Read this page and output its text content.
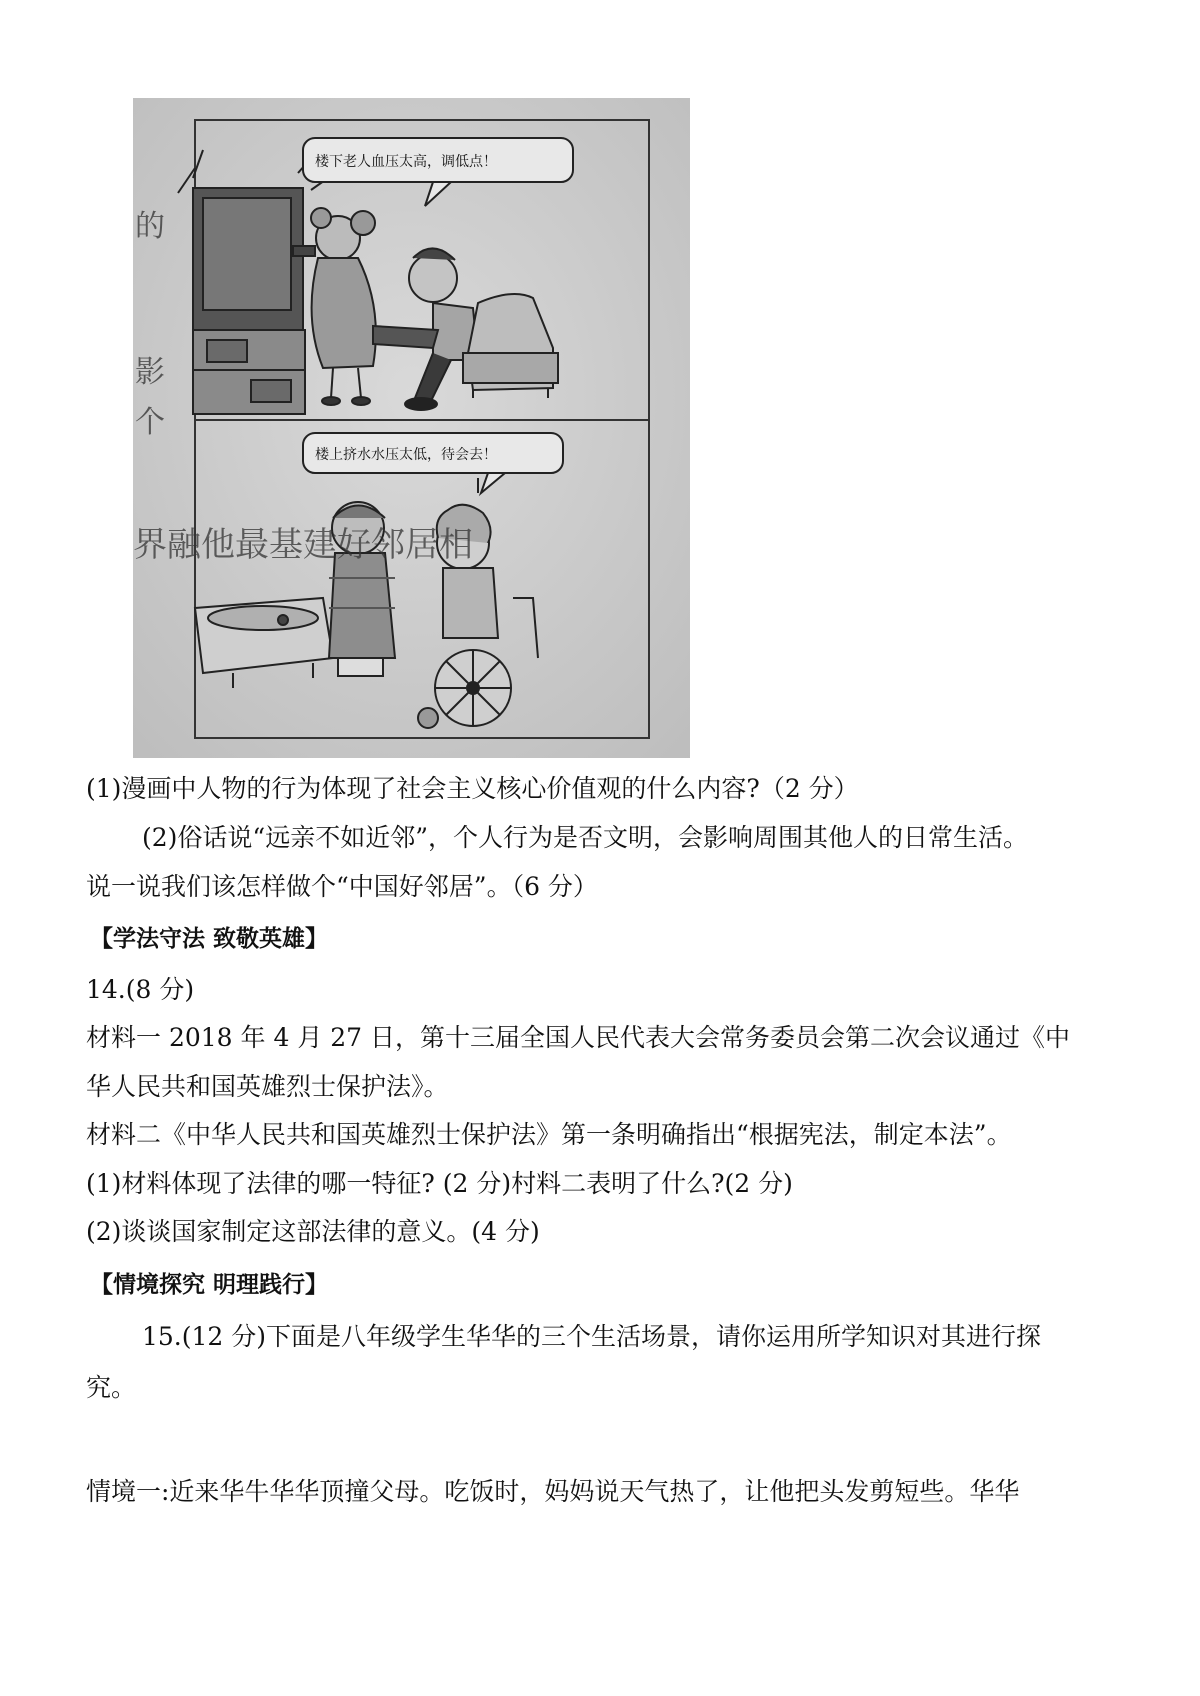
的
影
个
楼下老人血压太高，调低点！
楼上挤水水压太低，待会去！
界融他最基建好邻居相
(1)漫画中人物的行为体现了社会主义核心价值观的什么内容?（2 分）
(2)俗话说“远亲不如近邻”，个人行为是否文明，会影响周围其他人的日常生活。
说一说我们该怎样做个“中国好邻居”。（6 分）
【学法守法 致敬英雄】
14.(8 分)
材料一 2018 年 4 月 27 日，第十三届全国人民代表大会常务委员会第二次会议通过《中
华人民共和国英雄烈士保护法》。
材料二《中华人民共和国英雄烈士保护法》第一条明确指出“根据宪法，制定本法”。
(1)材料体现了法律的哪一特征? (2 分)村料二表明了什么?(2 分)
(2)谈谈国家制定这部法律的意义。(4 分)
【情境探究 明理践行】
15.(12 分)下面是八年级学生华华的三个生活场景，请你运用所学知识对其进行探
究。
情境一:近来华牛华华顶撞父母。吃饭时，妈妈说天气热了，让他把头发剪短些。华华
